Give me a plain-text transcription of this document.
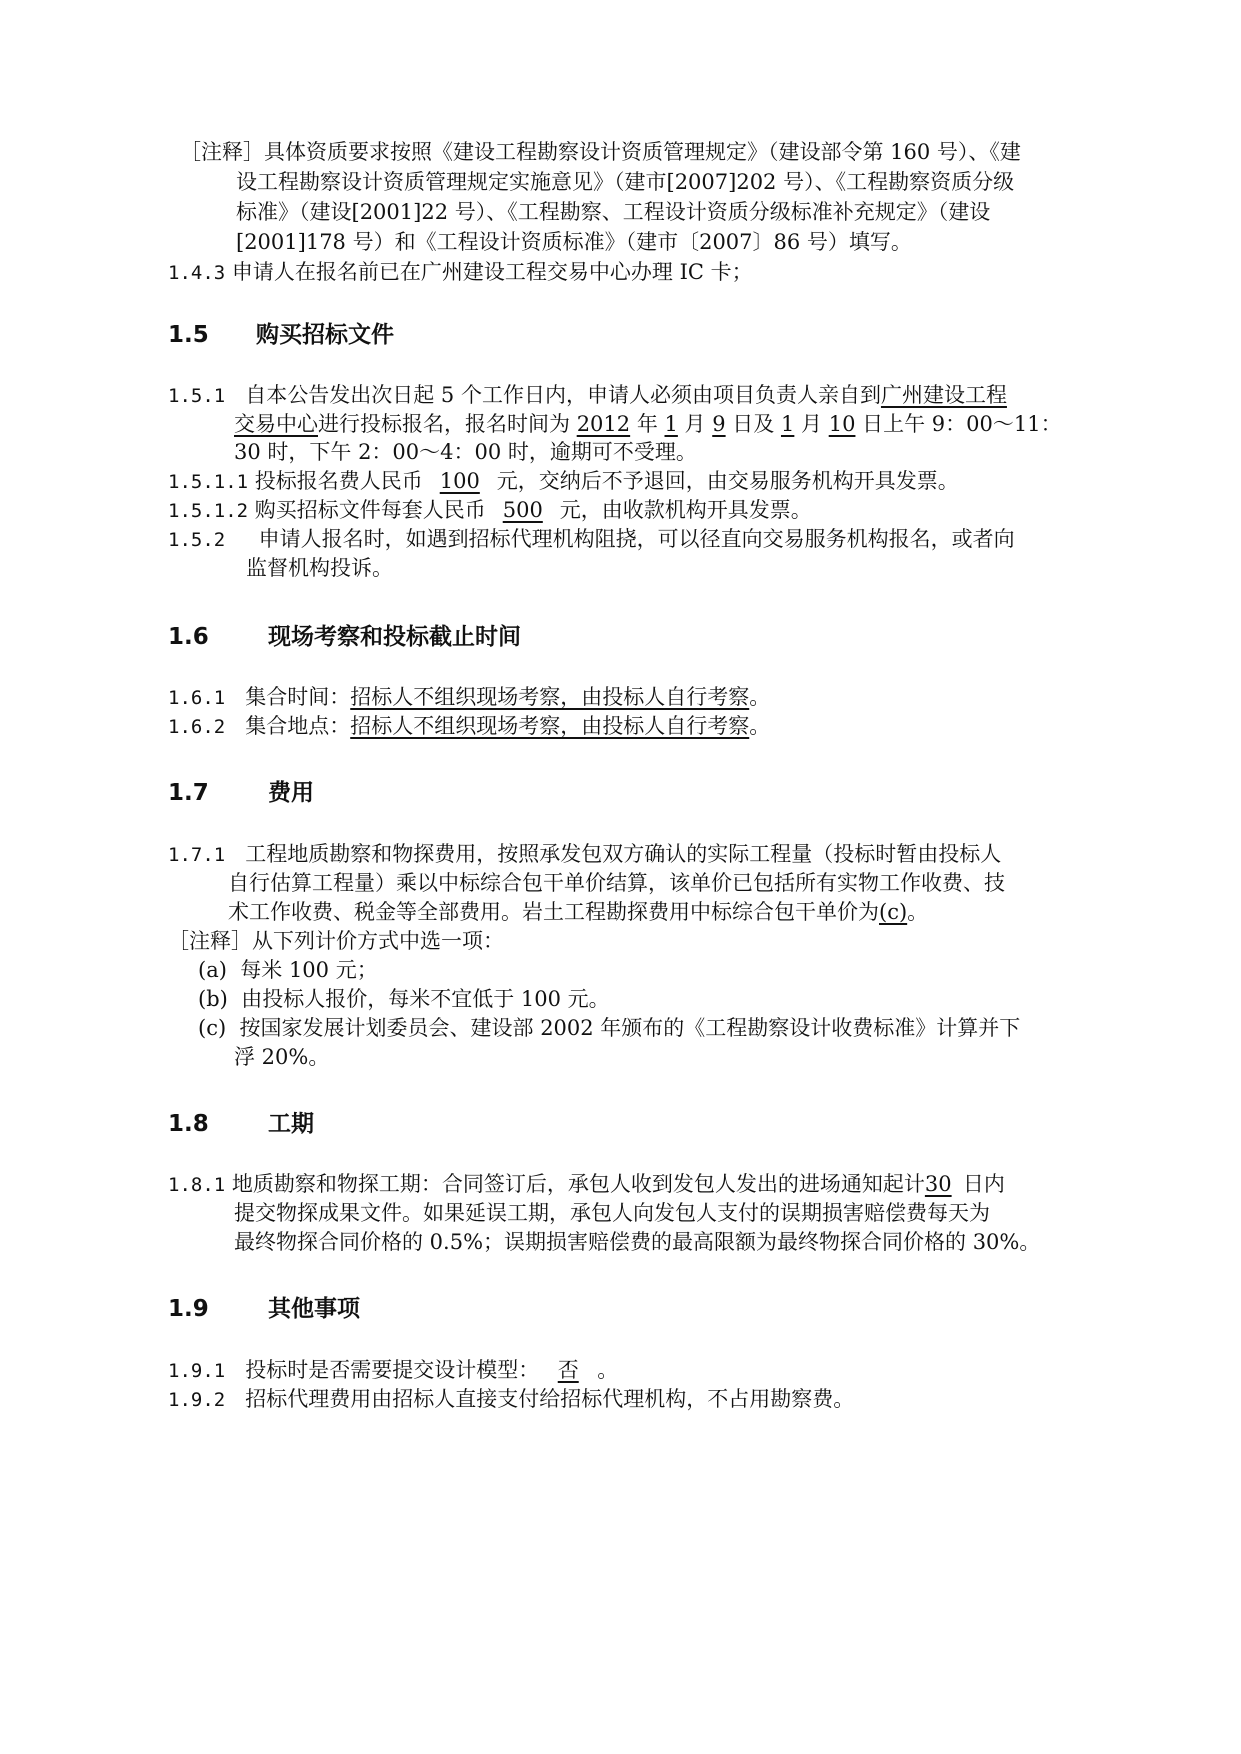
［注释］具体资质要求按照《建设工程勘察设计资质管理规定》（建设部令第 160 号）、《建
设工程勘察设计资质管理规定实施意见》（建市[2007]202 号）、《工程勘察资质分级
标准》（建设[2001]22 号）、《工程勘察、工程设计资质分级标准补充规定》（建设
[2001]178 号）和《工程设计资质标准》（建市〔2007〕86 号）填写。
1.4.3 申请人在报名前已在广州建设工程交易中心办理 IC 卡；
1.5 购买招标文件
1.5.1 自本公告发出次日起 5 个工作日内，申请人必须由项目负责人亲自到广州建设工程
交易中心进行投标报名，报名时间为 2012 年 1 月 9 日及 1 月 10 日上午 9：00～11：
30 时，下午 2：00～4：00 时，逾期可不受理。
1.5.1.1 投标报名费人民币 100 元，交纳后不予退回，由交易服务机构开具发票。
1.5.1.2 购买招标文件每套人民币 500 元，由收款机构开具发票。
1.5.2 申请人报名时，如遇到招标代理机构阻挠，可以径直向交易服务机构报名，或者向
监督机构投诉。
1.6	现场考察和投标截止时间
1.6.1 集合时间：招标人不组织现场考察，由投标人自行考察。
1.6.2 集合地点：招标人不组织现场考察，由投标人自行考察。
1.7	费用
1.7.1 工程地质勘察和物探费用，按照承发包双方确认的实际工程量（投标时暂由投标人
自行估算工程量）乘以中标综合包干单价结算，该单价已包括所有实物工作收费、技
术工作收费、税金等全部费用。岩土工程勘探费用中标综合包干单价为(c)。
［注释］从下列计价方式中选一项：
(a) 每米 100 元；
(b) 由投标人报价，每米不宜低于 100 元。
(c) 按国家发展计划委员会、建设部 2002 年颁布的《工程勘察设计收费标准》计算并下
浮 20%。
1.8	工期
1.8.1 地质勘察和物探工期：合同签订后，承包人收到发包人发出的进场通知起计30 日内
提交物探成果文件。如果延误工期，承包人向发包人支付的误期损害赔偿费每天为
最终物探合同价格的 0.5%；误期损害赔偿费的最高限额为最终物探合同价格的 30%。
1.9	其他事项
1.9.1 投标时是否需要提交设计模型： 否 。
1.9.2 招标代理费用由招标人直接支付给招标代理机构，不占用勘察费。
